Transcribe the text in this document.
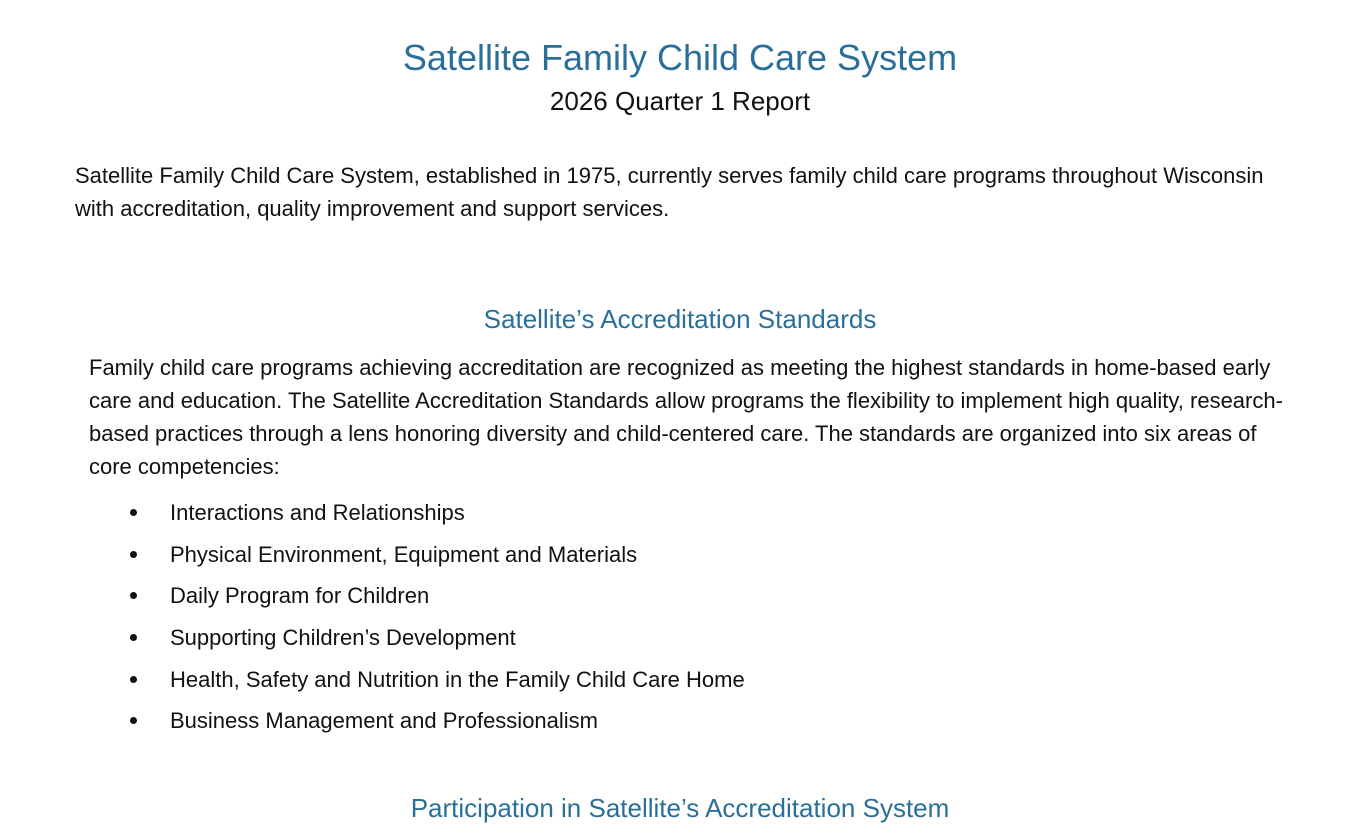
Satellite Family Child Care System
2026 Quarter 1 Report

Satellite Family Child Care System, established in 1975, currently serves family child care programs throughout Wisconsin with accreditation, quality improvement and support services.

Satellite’s Accreditation Standards

Family child care programs achieving accreditation are recognized as meeting the highest standards in home-based early care and education. The Satellite Accreditation Standards allow programs the flexibility to implement high quality, research-based practices through a lens honoring diversity and child-centered care. The standards are organized into six areas of core competencies:

Interactions and Relationships
Physical Environment, Equipment and Materials
Daily Program for Children
Supporting Children’s Development
Health, Safety and Nutrition in the Family Child Care Home
Business Management and Professionalism
Participation in Satellite’s Accreditation System
